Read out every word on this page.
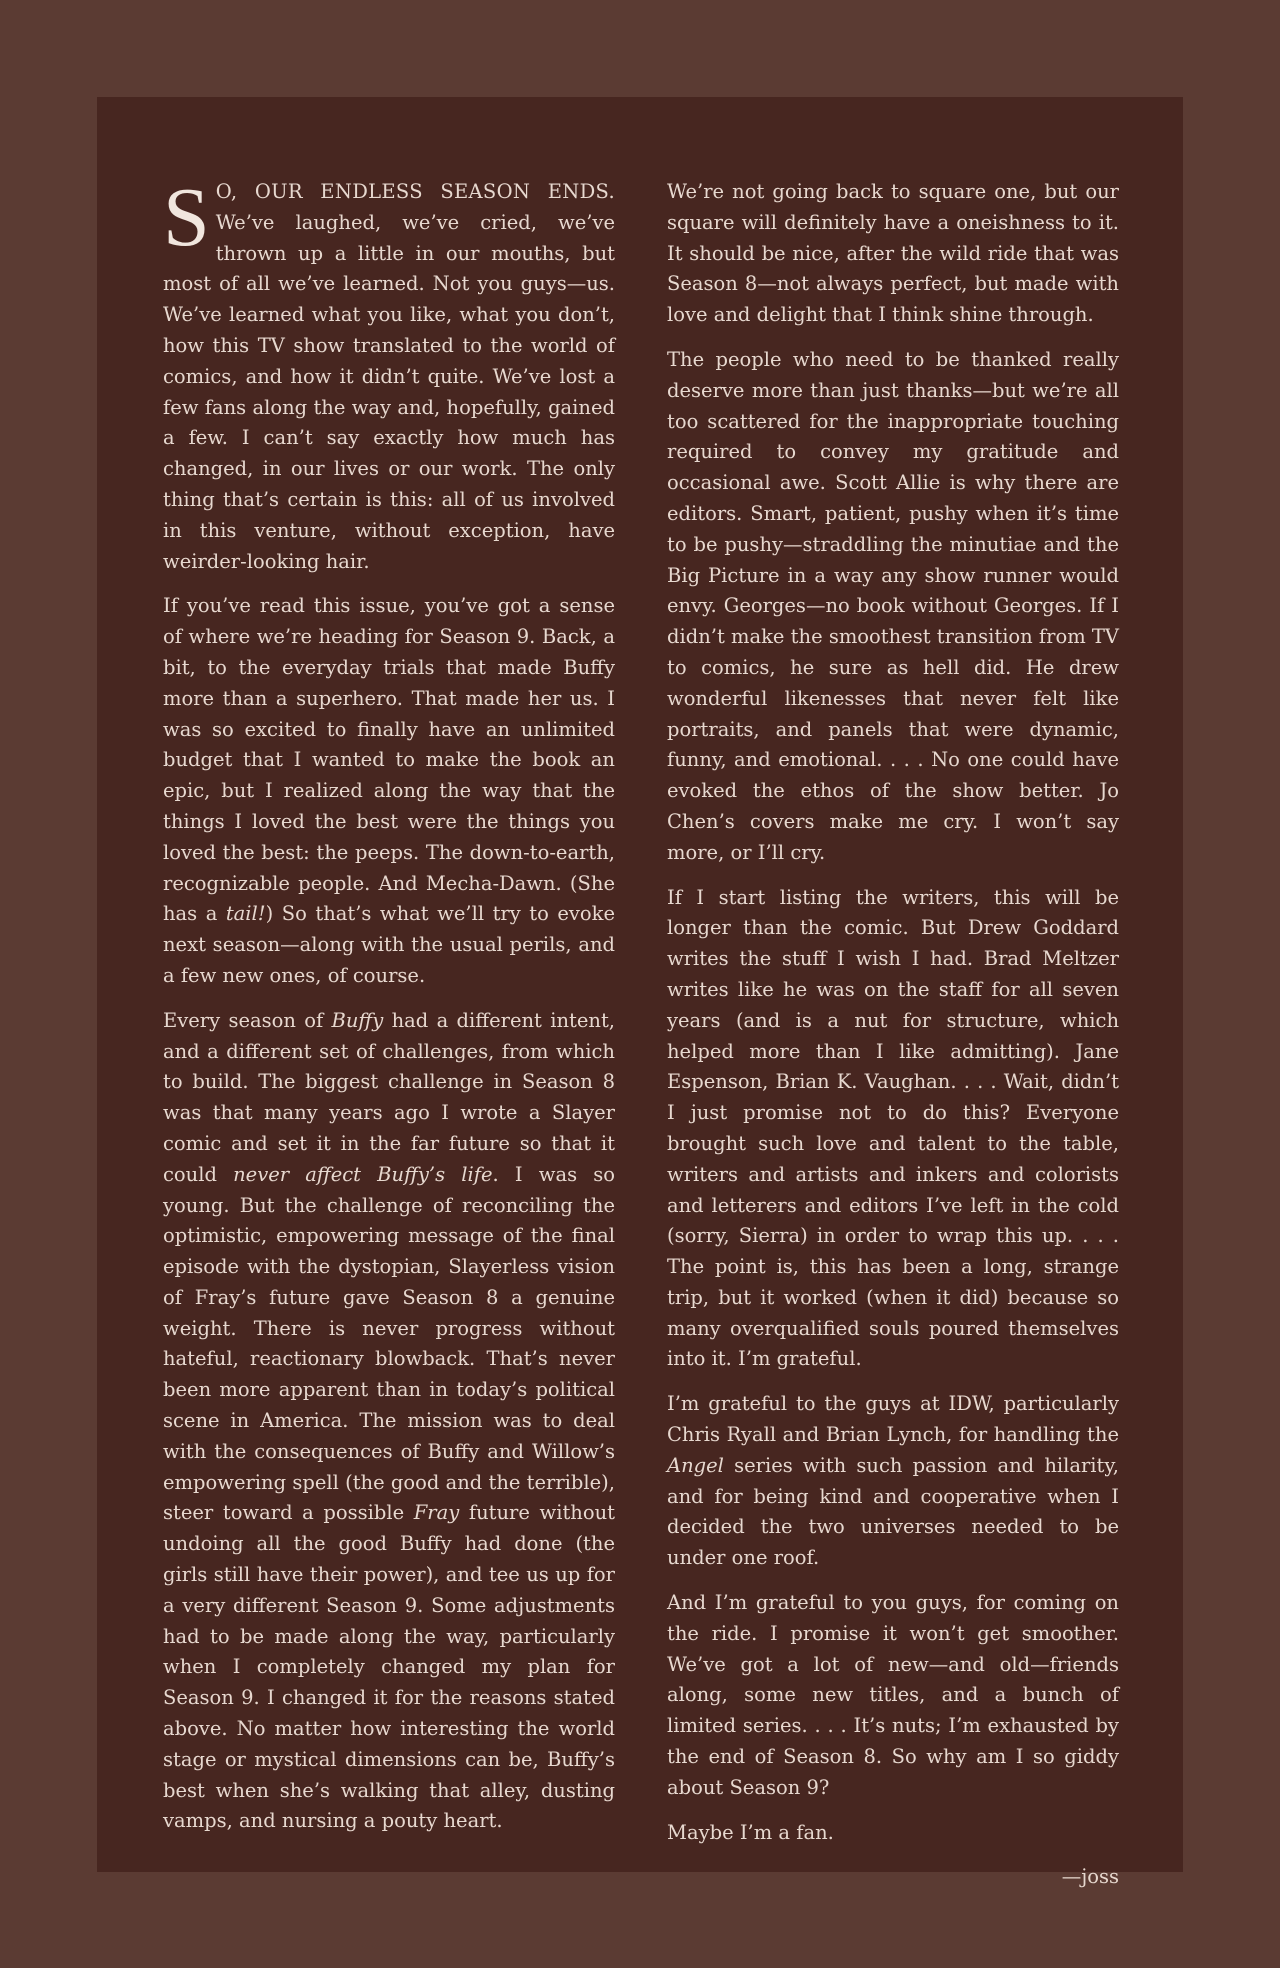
SO, OUR ENDLESS SEASON ENDS. We’ve laughed, we’ve cried, we’ve thrown up a little in our mouths, but most of all we’ve learned. Not you guys—us. We’ve learned what you like, what you don’t, how this TV show translated to the world of comics, and how it didn’t quite. We’ve lost a few fans along the way and, hopefully, gained a few. I can’t say exactly how much has changed, in our lives or our work. The only thing that’s certain is this: all of us involved in this venture, without exception, have weirder-looking hair.

If you’ve read this issue, you’ve got a sense of where we’re heading for Season 9. Back, a bit, to the everyday trials that made Buffy more than a superhero. That made her us. I was so excited to finally have an unlimited budget that I wanted to make the book an epic, but I realized along the way that the things I loved the best were the things you loved the best: the peeps. The down-to-earth, recognizable people. And Mecha-Dawn. (She has a tail!) So that’s what we’ll try to evoke next season—along with the usual perils, and a few new ones, of course.

Every season of Buffy had a different intent, and a different set of challenges, from which to build. The biggest challenge in Season 8 was that many years ago I wrote a Slayer comic and set it in the far future so that it could never affect Buffy’s life. I was so young. But the challenge of reconciling the optimistic, empowering message of the final episode with the dystopian, Slayerless vision of Fray’s future gave Season 8 a genuine weight. There is never progress without hateful, reactionary blowback. That’s never been more apparent than in today’s political scene in America. The mission was to deal with the consequences of Buffy and Willow’s empowering spell (the good and the terrible), steer toward a possible Fray future without undoing all the good Buffy had done (the girls still have their power), and tee us up for a very different Season 9. Some adjustments had to be made along the way, particularly when I completely changed my plan for Season 9. I changed it for the reasons stated above. No matter how interesting the world stage or mystical dimensions can be, Buffy’s best when she’s walking that alley, dusting vamps, and nursing a pouty heart.

We’re not going back to square one, but our square will definitely have a oneishness to it. It should be nice, after the wild ride that was Season 8—not always perfect, but made with love and delight that I think shine through.

The people who need to be thanked really deserve more than just thanks—but we’re all too scattered for the inappropriate touching required to convey my gratitude and occasional awe. Scott Allie is why there are editors. Smart, patient, pushy when it’s time to be pushy—straddling the minutiae and the Big Picture in a way any show runner would envy. Georges—no book without Georges. If I didn’t make the smoothest transition from TV to comics, he sure as hell did. He drew wonderful likenesses that never felt like portraits, and panels that were dynamic, funny, and emotional. . . . No one could have evoked the ethos of the show better. Jo Chen’s covers make me cry. I won’t say more, or I’ll cry.

If I start listing the writers, this will be longer than the comic. But Drew Goddard writes the stuff I wish I had. Brad Meltzer writes like he was on the staff for all seven years (and is a nut for structure, which helped more than I like admitting). Jane Espenson, Brian K. Vaughan. . . . Wait, didn’t I just promise not to do this? Everyone brought such love and talent to the table, writers and artists and inkers and colorists and letterers and editors I’ve left in the cold (sorry, Sierra) in order to wrap this up. . . . The point is, this has been a long, strange trip, but it worked (when it did) because so many overqualified souls poured themselves into it. I’m grateful.

I’m grateful to the guys at IDW, particularly Chris Ryall and Brian Lynch, for handling the Angel series with such passion and hilarity, and for being kind and cooperative when I decided the two universes needed to be under one roof.

And I’m grateful to you guys, for coming on the ride. I promise it won’t get smoother. We’ve got a lot of new—and old—friends along, some new titles, and a bunch of limited series. . . . It’s nuts; I’m exhausted by the end of Season 8. So why am I so giddy about Season 9?

Maybe I’m a fan.

—joss
